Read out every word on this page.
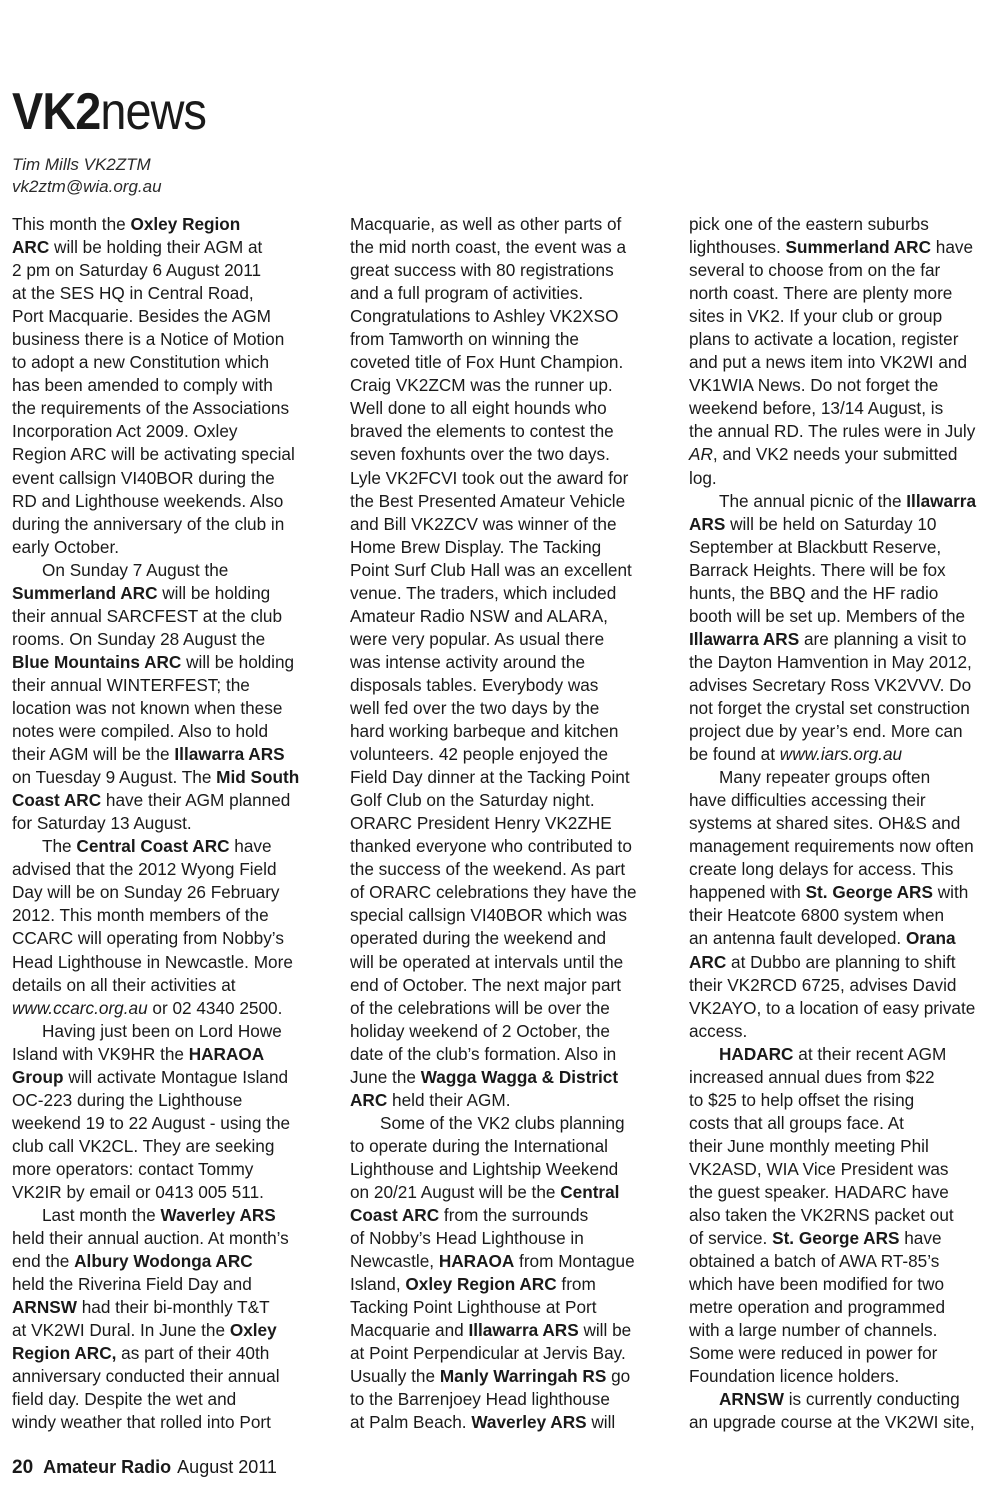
VK2news
Tim Mills VK2ZTM
vk2ztm@wia.org.au
This month the Oxley Region
ARC will be holding their AGM at
2 pm on Saturday 6 August 2011
at the SES HQ in Central Road,
Port Macquarie. Besides the AGM
business there is a Notice of Motion
to adopt a new Constitution which
has been amended to comply with
the requirements of the Associations
Incorporation Act 2009. Oxley
Region ARC will be activating special
event callsign VI40BOR during the
RD and Lighthouse weekends. Also
during the anniversary of the club in
early October.
On Sunday 7 August the
Summerland ARC will be holding
their annual SARCFEST at the club
rooms. On Sunday 28 August the
Blue Mountains ARC will be holding
their annual WINTERFEST; the
location was not known when these
notes were compiled. Also to hold
their AGM will be the Illawarra ARS
on Tuesday 9 August. The Mid South
Coast ARC have their AGM planned
for Saturday 13 August.
The Central Coast ARC have
advised that the 2012 Wyong Field
Day will be on Sunday 26 February
2012. This month members of the
CCARC will operating from Nobby’s
Head Lighthouse in Newcastle. More
details on all their activities at
www.ccarc.org.au or 02 4340 2500.
Having just been on Lord Howe
Island with VK9HR the HARAOA
Group will activate Montague Island
OC-223 during the Lighthouse
weekend 19 to 22 August - using the
club call VK2CL. They are seeking
more operators: contact Tommy
VK2IR by email or 0413 005 511.
Last month the Waverley ARS
held their annual auction. At month’s
end the Albury Wodonga ARC
held the Riverina Field Day and
ARNSW had their bi-monthly T&T
at VK2WI Dural. In June the Oxley
Region ARC, as part of their 40th
anniversary conducted their annual
field day. Despite the wet and
windy weather that rolled into Port
Macquarie, as well as other parts of
the mid north coast, the event was a
great success with 80 registrations
and a full program of activities.
Congratulations to Ashley VK2XSO
from Tamworth on winning the
coveted title of Fox Hunt Champion.
Craig VK2ZCM was the runner up.
Well done to all eight hounds who
braved the elements to contest the
seven foxhunts over the two days.
Lyle VK2FCVI took out the award for
the Best Presented Amateur Vehicle
and Bill VK2ZCV was winner of the
Home Brew Display. The Tacking
Point Surf Club Hall was an excellent
venue. The traders, which included
Amateur Radio NSW and ALARA,
were very popular. As usual there
was intense activity around the
disposals tables. Everybody was
well fed over the two days by the
hard working barbeque and kitchen
volunteers. 42 people enjoyed the
Field Day dinner at the Tacking Point
Golf Club on the Saturday night.
ORARC President Henry VK2ZHE
thanked everyone who contributed to
the success of the weekend. As part
of ORARC celebrations they have the
special callsign VI40BOR which was
operated during the weekend and
will be operated at intervals until the
end of October. The next major part
of the celebrations will be over the
holiday weekend of 2 October, the
date of the club’s formation. Also in
June the Wagga Wagga & District
ARC held their AGM.
Some of the VK2 clubs planning
to operate during the International
Lighthouse and Lightship Weekend
on 20/21 August will be the Central
Coast ARC from the surrounds
of Nobby’s Head Lighthouse in
Newcastle, HARAOA from Montague
Island, Oxley Region ARC from
Tacking Point Lighthouse at Port
Macquarie and Illawarra ARS will be
at Point Perpendicular at Jervis Bay.
Usually the Manly Warringah RS go
to the Barrenjoey Head lighthouse
at Palm Beach. Waverley ARS will
pick one of the eastern suburbs
lighthouses. Summerland ARC have
several to choose from on the far
north coast. There are plenty more
sites in VK2. If your club or group
plans to activate a location, register
and put a news item into VK2WI and
VK1WIA News. Do not forget the
weekend before, 13/14 August, is
the annual RD. The rules were in July
AR, and VK2 needs your submitted
log.
The annual picnic of the Illawarra
ARS will be held on Saturday 10
September at Blackbutt Reserve,
Barrack Heights. There will be fox
hunts, the BBQ and the HF radio
booth will be set up. Members of the
Illawarra ARS are planning a visit to
the Dayton Hamvention in May 2012,
advises Secretary Ross VK2VVV. Do
not forget the crystal set construction
project due by year’s end. More can
be found at www.iars.org.au
Many repeater groups often
have difficulties accessing their
systems at shared sites. OH&S and
management requirements now often
create long delays for access. This
happened with St. George ARS with
their Heatcote 6800 system when
an antenna fault developed. Orana
ARC at Dubbo are planning to shift
their VK2RCD 6725, advises David
VK2AYO, to a location of easy private
access.
HADARC at their recent AGM
increased annual dues from $22
to $25 to help offset the rising
costs that all groups face. At
their June monthly meeting Phil
VK2ASD, WIA Vice President was
the guest speaker. HADARC have
also taken the VK2RNS packet out
of service. St. George ARS have
obtained a batch of AWA RT-85’s
which have been modified for two
metre operation and programmed
with a large number of channels.
Some were reduced in power for
Foundation licence holders.
ARNSW is currently conducting
an upgrade course at the VK2WI site,
20 Amateur Radio August 2011
